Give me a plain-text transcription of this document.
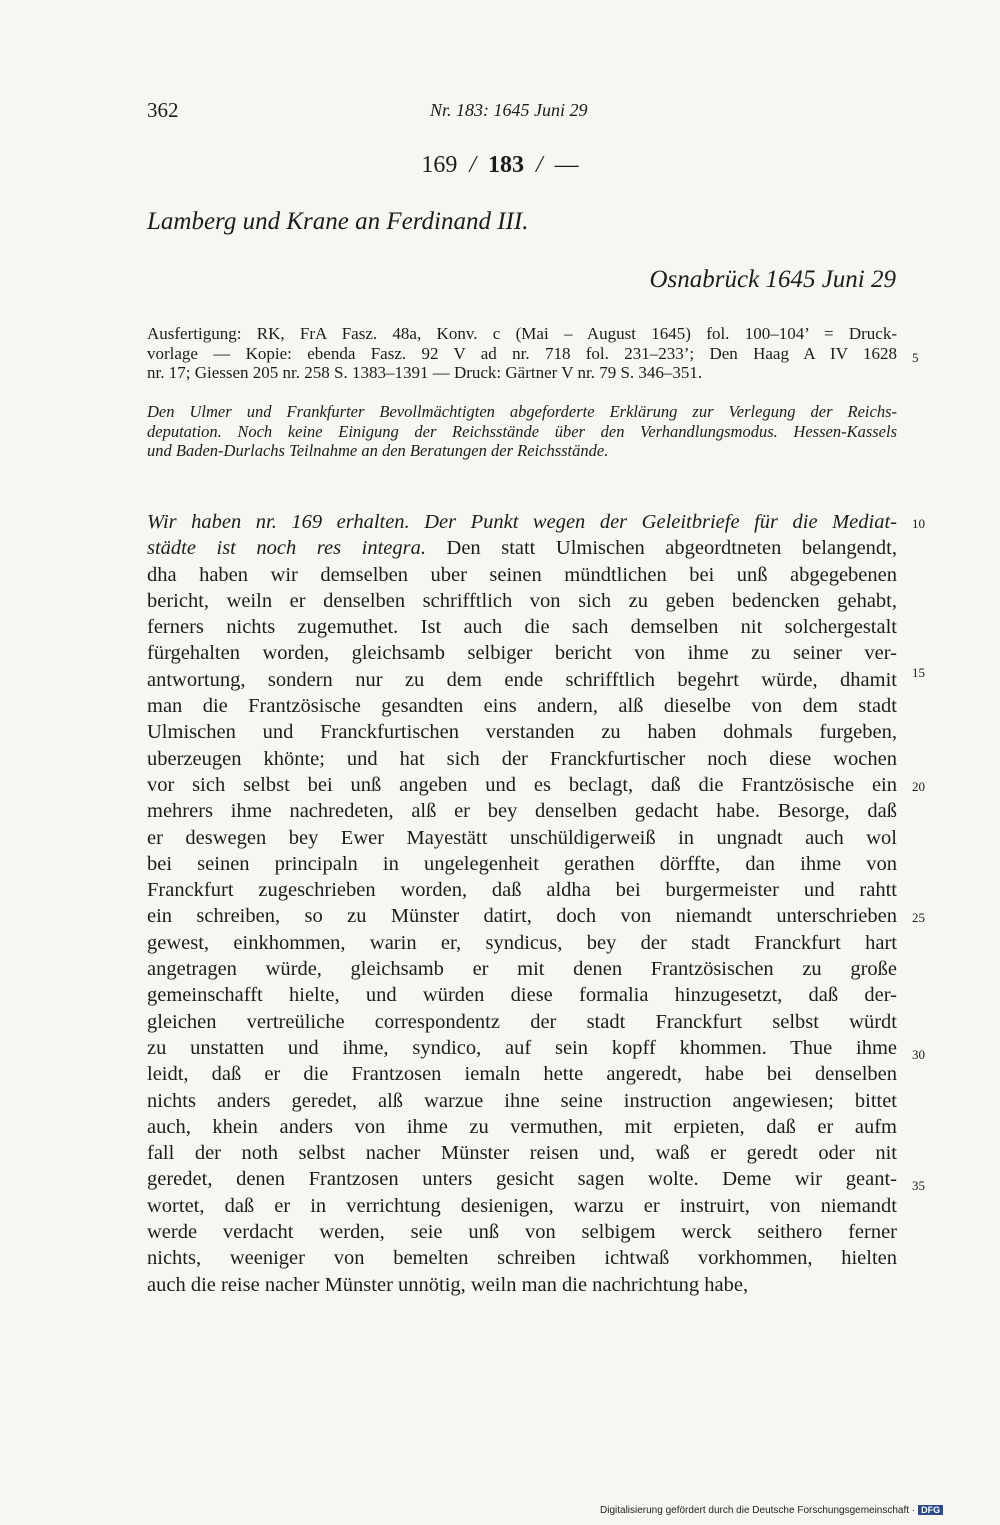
362	Nr. 183: 1645 Juni 29
169 / 183 / —
Lamberg und Krane an Ferdinand III.
Osnabrück 1645 Juni 29
Ausfertigung: RK, FrA Fasz. 48a, Konv. c (Mai – August 1645) fol. 100–104’ = Druck-
vorlage — Kopie: ebenda Fasz. 92 V ad nr. 718 fol. 231–233’; Den Haag A IV 1628
nr. 17; Giessen 205 nr. 258 S. 1383–1391 — Druck: Gärtner V nr. 79 S. 346–351.
Den Ulmer und Frankfurter Bevollmächtigten abgeforderte Erklärung zur Verlegung der Reichs-
deputation. Noch keine Einigung der Reichsstände über den Verhandlungsmodus. Hessen-Kassels
und Baden-Durlachs Teilnahme an den Beratungen der Reichsstände.
Wir haben nr. 169 erhalten. Der Punkt wegen der Geleitbriefe für die Mediat-
städte ist noch res integra. Den statt Ulmischen abgeordtneten belangendt,
dha haben wir demselben uber seinen mündtlichen bei unß abgegebenen
bericht, weiln er denselben schrifftlich von sich zu geben bedencken gehabt,
ferners nichts zugemuthet. Ist auch die sach demselben nit solchergestalt
fürgehalten worden, gleichsamb selbiger bericht von ihme zu seiner ver-
antwortung, sondern nur zu dem ende schrifftlich begehrt würde, dhamit
man die Frantzösische gesandten eins andern, alß dieselbe von dem stadt
Ulmischen und Franckfurtischen verstanden zu haben dohmals furgeben,
uberzeugen khönte; und hat sich der Franckfurtischer noch diese wochen
vor sich selbst bei unß angeben und es beclagt, daß die Frantzösische ein
mehrers ihme nachredeten, alß er bey denselben gedacht habe. Besorge, daß
er deswegen bey Ewer Mayestätt unschüldigerweiß in ungnadt auch wol
bei seinen principaln in ungelegenheit gerathen dörffte, dan ihme von
Franckfurt zugeschrieben worden, daß aldha bei burgermeister und rahtt
ein schreiben, so zu Münster datirt, doch von niemandt unterschrieben
gewest, einkhommen, warin er, syndicus, bey der stadt Franckfurt hart
angetragen würde, gleichsamb er mit denen Frantzösischen zu große
gemeinschafft hielte, und würden diese formalia hinzugesetzt, daß der-
gleichen vertreüliche correspondentz der stadt Franckfurt selbst würdt
zu unstatten und ihme, syndico, auf sein kopff khommen. Thue ihme
leidt, daß er die Frantzosen iemaln hette angeredt, habe bei denselben
nichts anders geredet, alß warzue ihne seine instruction angewiesen; bittet
auch, khein anders von ihme zu vermuthen, mit erpieten, daß er aufm
fall der noth selbst nacher Münster reisen und, waß er geredt oder nit
geredet, denen Frantzosen unters gesicht sagen wolte. Deme wir geant-
wortet, daß er in verrichtung desienigen, warzu er instruirt, von niemandt
werde verdacht werden, seie unß von selbigem werck seithero ferner
nichts, weeniger von bemelten schreiben ichtwaß vorkhommen, hielten
auch die reise nacher Münster unnötig, weiln man die nachrichtung habe,
5
10
15
20
25
30
35
Digitalisierung gefördert durch die Deutsche Forschungsgemeinschaft · DFG
